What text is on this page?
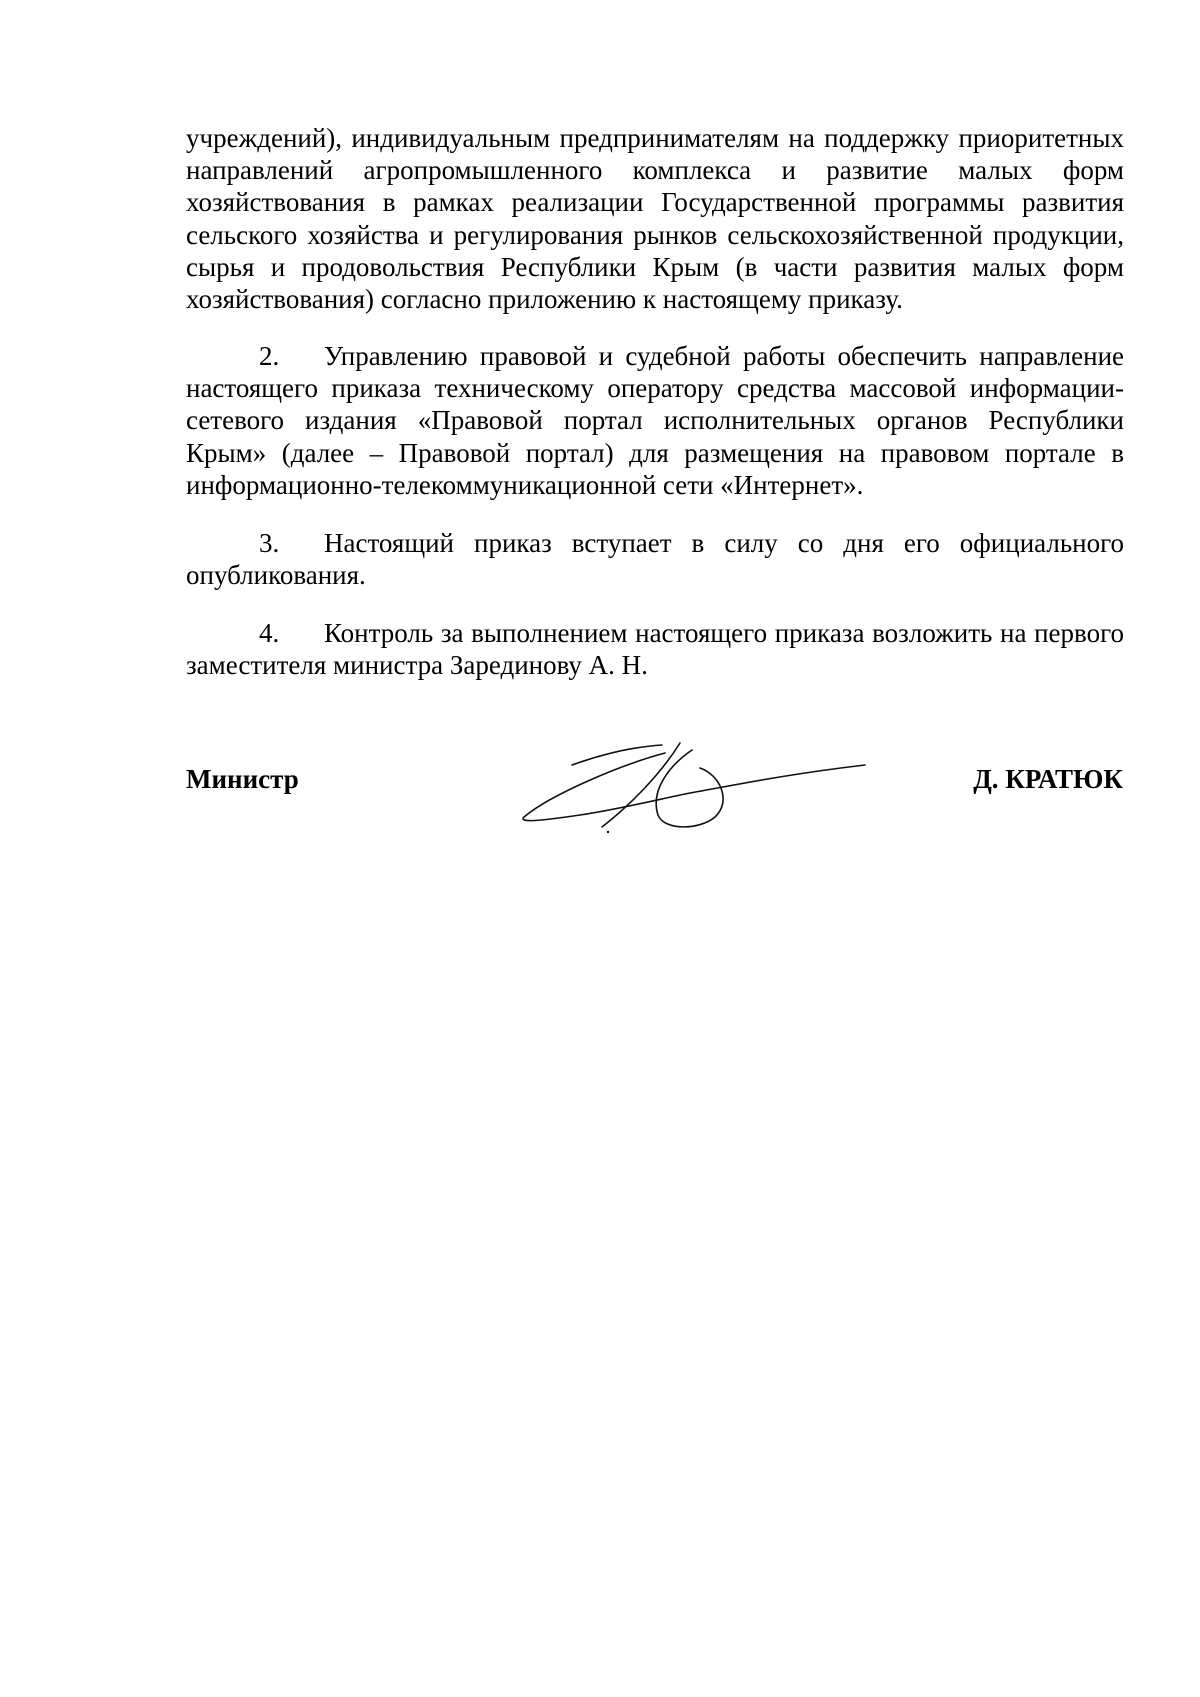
учреждений), индивидуальным предпринимателям на поддержку приоритетных направлений агропромышленного комплекса и развитие малых форм хозяйствования в рамках реализации Государственной программы развития сельского хозяйства и регулирования рынков сельскохозяйственной продукции, сырья и продовольствия Республики Крым (в части развития малых форм хозяйствования) согласно приложению к настоящему приказу.

2. Управлению правовой и судебной работы обеспечить направление настоящего приказа техническому оператору средства массовой информации-сетевого издания «Правовой портал исполнительных органов Республики Крым» (далее – Правовой портал) для размещения на правовом портале в информационно-телекоммуникационной сети «Интернет».

3. Настоящий приказ вступает в силу со дня его официального опубликования.

4. Контроль за выполнением настоящего приказа возложить на первого заместителя министра Зарединову А. Н.

Министр	Д. КРАТЮК
